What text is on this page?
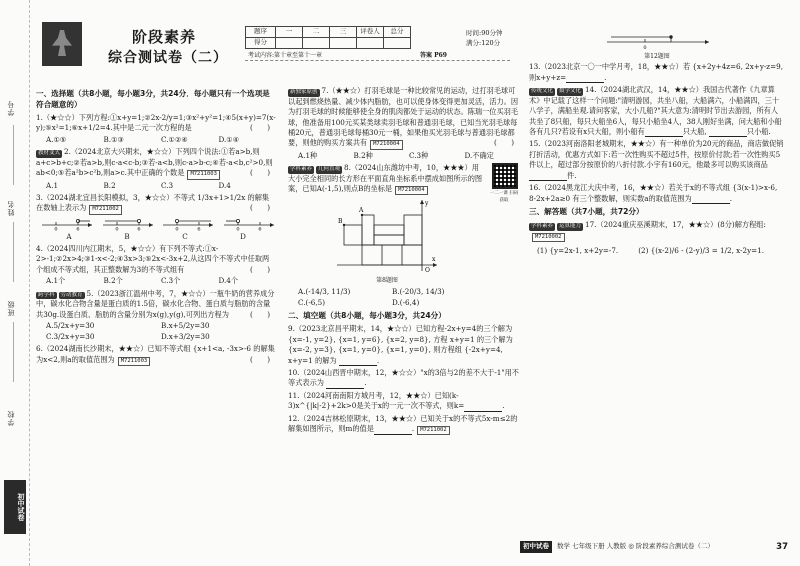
学号
姓名
班级
学校
初中试卷
阶段素养
综合测试卷（二）
题序	一	二	三	评卷人	总分
得分					
时间:90分钟
满分:120分
考试内容:第十章至第十一章	答案 P69
一、选择题（共8小题，每小题3分，共24分．每小题只有一个选项是符合题意的）
1.（★☆☆）下列方程:①x+y=1;②2x-2/y=1;③x²+y²=1;④5(x+y)=7(x-y);⑤x²=1;⑥x+1/2=4.其中是二元一次方程的是	(　　)
A.①⑤	B.①③	C.①②④	D.①④
教材变式 2.（2024北京大兴期末，★☆☆）下列四个说法:①若a>b,则a+c>b+c;②若a>b,则c-a<c-b;③若-a<b,则c-a>b-c;④若-a<b,c²>0,则ab<0;⑤若a²b>c²b,则a>c.其中正确的个数是 M7211003	(　　)
A.1	B.2	C.3	D.4
3.（2024湖北宜昌长阳模拟，3，★☆☆）不等式 1/3x+1>1/2x 的解集在数轴上表示为 M7211002	(　　)
0	6	0	6	0	6	0	6
A	B	C	D
4.（2024四川内江期末，5，★☆☆）有下列不等式:①x-2>-1;②2x>4;③1-x<-2;④3x>3;⑤2x<-3x+2,从这四个不等式中任取两个组成不等式组，其正整数解为3的不等式组有	(　　)
A.1个	B.2个	C.3个	D.4个
跨学科 劳动教育 5.（2023浙江温州中考，7，★☆☆）一瓶牛奶的营养成分中，碳水化合物含量是蛋白质的1.5倍，碳水化合物、蛋白质与脂肪的含量共30g.设蛋白质、脂肪的含量分别为x(g),y(g),可列出方程为	(　　)
A.5/2x+y=30	B.x+5/2y=30
C.3/2x+y=30	D.x+3/2y=30
6.（2024湖南长沙期末，★★☆）已知不等式组 {x+1<a, -3x>-6 的解集为x<2,则a的取值范围为 M7211003	(　　)
新独家原创 7.（★★☆）打羽毛球是一种比较常见的运动，过打羽毛球可以起到燃烧热量、减少体内脂肪，也可以使身体变得更加灵活，活力。因为打羽毛球的时候能够使全身的肌肉都处于运动的状态。陈瑞一位买羽毛球，他准备用100元买某类球卖羽毛球和普通羽毛球，已知当光羽毛球每桶20元，普通羽毛球每桶30元一桶，如果他买光羽毛球与普通羽毛球都要，则他的购买方案共有 M7210004	(　　)
A.1种	B.2种	C.3种	D.不确定
学科素养 几何直观 8.（2024山东潍坊中考，10，★★★）用大小完全相同的长方形在平面直角坐标系中摆成如图所示的图案，已知A(-1,5),则点B的坐标是 M7210004
一二一课 扫码获取
A
B
O
x
y
第8题图
A.(-14/3, 11/3)	B.(-20/3, 14/3)
C.(-6,5)	D.(-6,4)
二、填空题（共8小题，每小题3分，共24分）
9.（2023北京昌平期末，14，★☆☆）已知方程-2x+y=4的三个解为 {x=-1, y=2}, {x=1, y=6}, {x=2, y=8}, 方程 x+y=1 的三个解为 {x=-2, y=3}, {x=1, y=0}, {x=1, y=0}, 则方程组 {-2x+y=4, x+y=1 的解为	.
10.（2024山西晋中期末，12，★☆☆）"x的3倍与2的差不大于-1"用不等式表示为	.
11.（2024河南南阳方城月考，12，★★☆）已知(k-3)x^{|k|-2}+2k>0是关于x的一元一次不等式，则k=	.
12.（2024吉林松原期末，13，★★☆）已知关于x的不等式5x-m≤2的解集如图所示，则m的值是	. M7211002
0
第12题图
13.（2023北京一〇一中学月考，18，★★☆）若 {x+2y+4z=6, 2x+y-z=9, 则x+y+z=	.
传统文化 数学文化 14.（2024湖北武汉，14，★★☆）我国古代著作《九章算术》中记载了这样一个问题:"清明游园，共坐八船，大船满六，小船满四，三十八学子，满船坐观.请问客家，大小几船?"其大意为:清明时节出去游园，所有人共坐了8只船，每只大船坐6人，每只小船坐4人，38人刚好坐满，问大船和小船各有几只?若设有x只大船，则小船有	只大船,	只小船.
15.（2023河南洛阳老城期末，★★☆）有一种单价为20元的商品，商店做促销打折活动，优惠方式如下:若一次性购买不超过5件，按原价付款;若一次性购买5件以上，超过部分按原价的八折付款.小宇有160元，他最多可以购买该商品件.
16.（2024黑龙江大庆中考，16，★★☆）若关于x的不等式组 {3(x-1)>x-6, 8-2x+2a≥0 有三个整数解，则实数a的取值范围为	.
三、解答题（共7小题，共72分）
学科素养 运算能力 17.（2024重庆巫溪期末，17，★★☆）(8分)解方程组:M7210002
(1) {y=2x-1, x+2y=-7.	(2) {(x-2)/6 - (2-y)/3 = 1/2, x-2y=1.
初中试卷	数学 七年级下册 人教版 ◎ 阶段素养综合测试卷（二）	37
